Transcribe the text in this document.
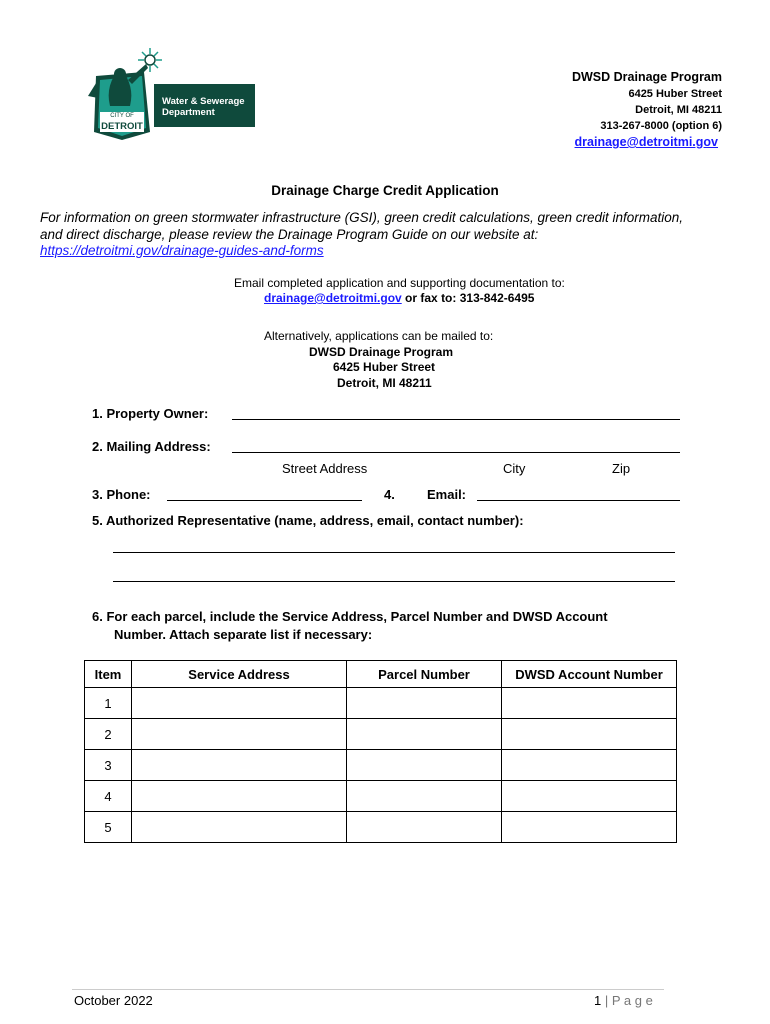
Water & Sewerage
Department
CITY OF
DETROIT
DWSD Drainage Program
6425 Huber Street
Detroit, MI 48211
313-267-8000 (option 6)
drainage@detroitmi.gov
Drainage Charge Credit Application
For information on green stormwater infrastructure (GSI), green credit calculations, green credit information,
and direct discharge, please review the Drainage Program Guide on our website at:
https://detroitmi.gov/drainage-guides-and-forms
Email completed application and supporting documentation to:
drainage@detroitmi.gov or fax to: 313-842-6495
Alternatively, applications can be mailed to:
DWSD Drainage Program
6425 Huber Street
Detroit, MI 48211
1. Property Owner:
2. Mailing Address:
Street Address	City	Zip
3. Phone:	4. Email:
5. Authorized Representative (name, address, email, contact number):
6. For each parcel, include the Service Address, Parcel Number and DWSD Account
Number. Attach separate list if necessary:
Item	Service Address	Parcel Number	DWSD Account Number
1			
2			
3			
4			
5			
October 2022	1 | P a g e
